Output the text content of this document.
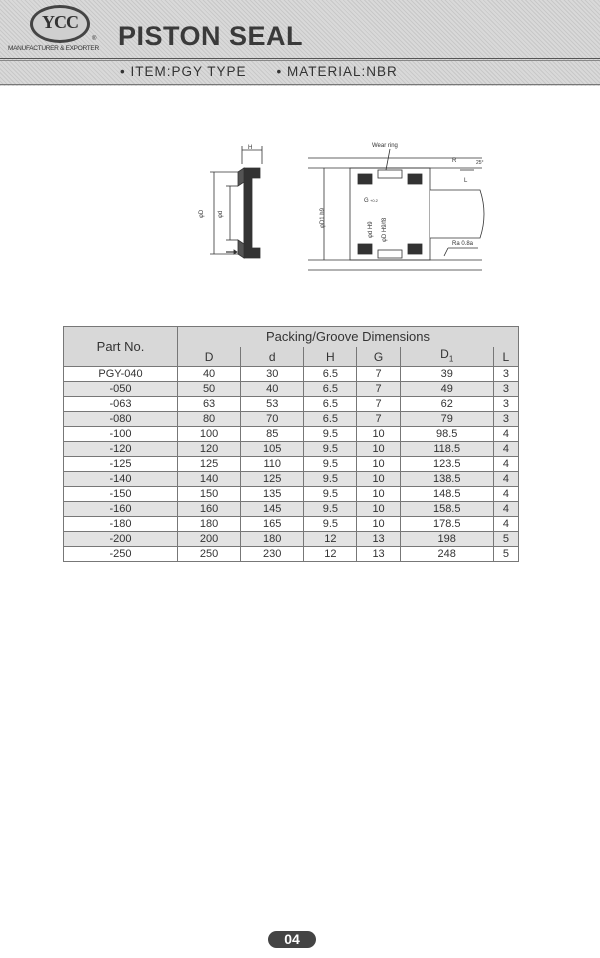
YCC
®
MANUFACTURER & EXPORTER PISTON SEAL
• ITEM:PGY TYPE • MATERIAL:NBR
H
φD φd
Wear ring
φD1 h9
G +0.2
φd H9 φD H9/f8
R	25°
L
Ra 0.8a
Part No.	Packing/Groove Dimensions					
	D	d	H	G	$D_1$	L
PGY-040	40	30	6.5	7	39	3
-050	50	40	6.5	7	49	3
-063	63	53	6.5	7	62	3
-080	80	70	6.5	7	79	3
-100	100	85	9.5	10	98.5	4
-120	120	105	9.5	10	118.5	4
-125	125	110	9.5	10	123.5	4
-140	140	125	9.5	10	138.5	4
-150	150	135	9.5	10	148.5	4
-160	160	145	9.5	10	158.5	4
-180	180	165	9.5	10	178.5	4
-200	200	180	12	13	198	5
-250	250	230	12	13	248	5
04
